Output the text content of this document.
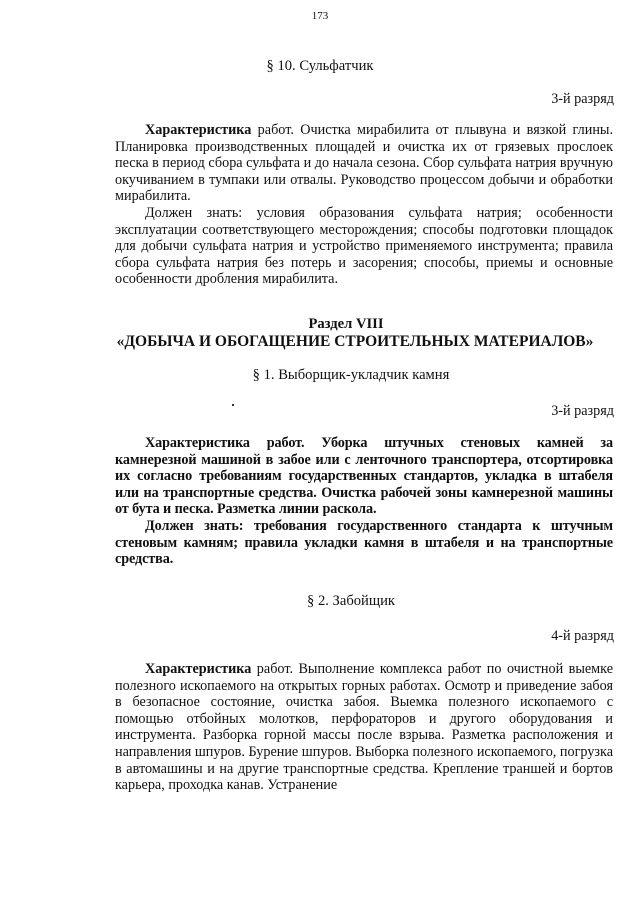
173
§ 10. Сульфатчик
3-й разряд

Характеристика работ. Очистка мирабилита от плывуна и вязкой глины. Планировка производственных площадей и очистка их от грязевых прослоек песка в период сбора сульфата и до начала сезона. Сбор сульфата натрия вручную окучиванием в тумпаки или отвалы. Руководство процессом добычи и обработки мирабилита.

Должен знать: условия образования сульфата натрия; особенности эксплуатации соответствующего месторождения; способы подготовки площадок для добычи сульфата натрия и устройство применяемого инструмента; правила сбора сульфата натрия без потерь и засорения; способы, приемы и основные особенности дробления мирабилита.

Раздел VIII
«ДОБЫЧА И ОБОГАЩЕНИЕ СТРОИТЕЛЬНЫХ МАТЕРИАЛОВ»
§ 1. Выборщик-укладчик камня
3-й разряд

Характеристика работ. Уборка штучных стеновых камней за камнерезной машиной в забое или с ленточного транспортера, отсортировка их согласно требованиям государственных стандартов, укладка в штабеля или на транспортные средства. Очистка рабочей зоны камнерезной машины от бута и песка. Разметка линии раскола.

Должен знать: требования государственного стандарта к штучным стеновым камням; правила укладки камня в штабеля и на транспортные средства.

§ 2. Забойщик
4-й разряд

Характеристика работ. Выполнение комплекса работ по очистной выемке полезного ископаемого на открытых горных работах. Осмотр и приведение забоя в безопасное состояние, очистка забоя. Выемка полезного ископаемого с помощью отбойных молотков, перфораторов и другого оборудования и инструмента. Разборка горной массы после взрыва. Разметка расположения и направления шпуров. Бурение шпуров. Выборка полезного ископаемого, погрузка в автомашины и на другие транспортные средства. Крепление траншей и бортов карьера, проходка канав. Устранение
